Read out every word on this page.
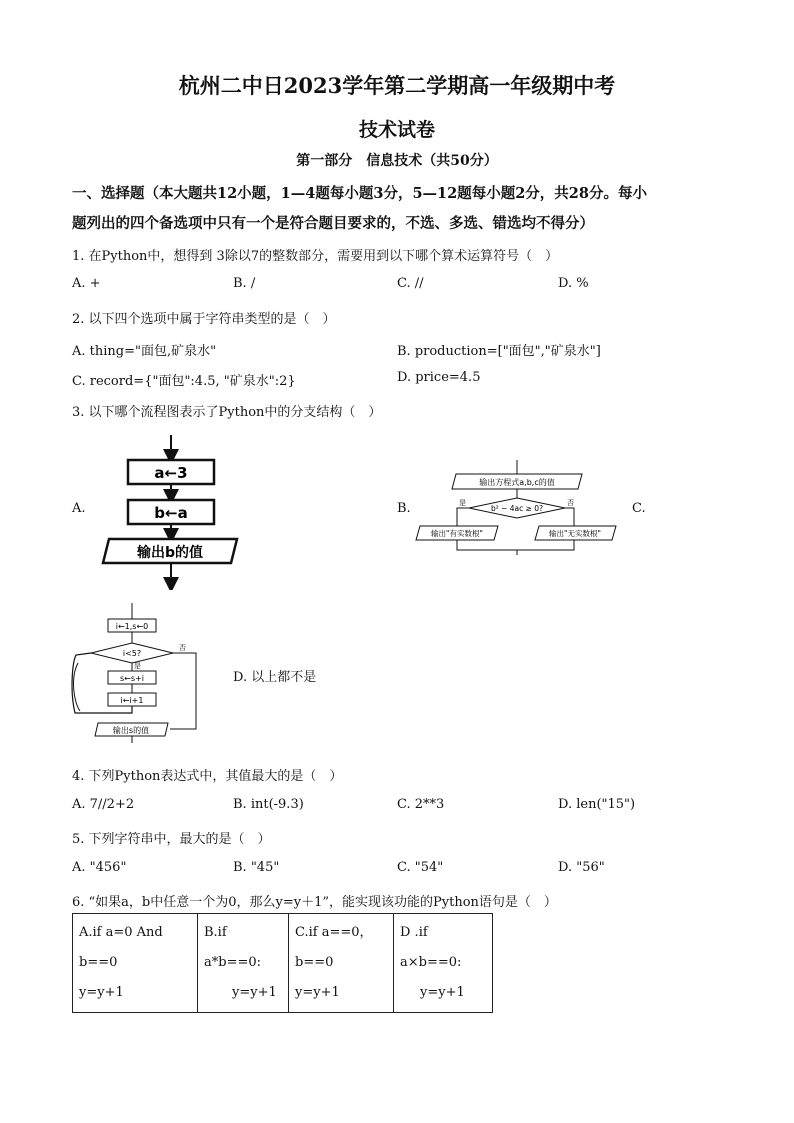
杭州二中日2023学年第二学期高一年级期中考
技术试卷
第一部分　信息技术（共50分）
一、选择题（本大题共12小题，1—4题每小题3分，5—12题每小题2分，共28分。每小
题列出的四个备选项中只有一个是符合题目要求的，不选、多选、错选均不得分）
1. 在Python中，想得到 3除以7的整数部分，需要用到以下哪个算术运算符号（　）
A. +	B. /	C. //	D. %
2. 以下四个选项中属于字符串类型的是（　）
A. thing="面包,矿泉水"	B. production=["面包","矿泉水"]
C. record={"面包":4.5, "矿泉水":2}	D. price=4.5
3. 以下哪个流程图表示了Python中的分支结构（　）
A.	B.	C.
D. 以上都不是
a←3
b←a
输出b的值
输出方程式a,b,c的值
b² − 4ac ≥ 0?
是	否
输出"有实数根"	输出"无实数根"
i←1,s←0
i<5?
否
是
s←s+i
i←i+1
输出s的值
4. 下列Python表达式中，其值最大的是（　）
A. 7//2+2	B. int(-9.3)	C. 2**3	D. len("15")
5. 下列字符串中，最大的是（　）
A. "456"	B. "45"	C. "54"	D. "56"
6. “如果a，b中任意一个为0，那么y=y＋1”，能实现该功能的Python语句是（　）
A.if a=0 And b==0
y=y+1

B.if a*b==0:
y=y+1

C.if a==0，b==0
y=y+1

D .if a×b==0:
y=y+1
